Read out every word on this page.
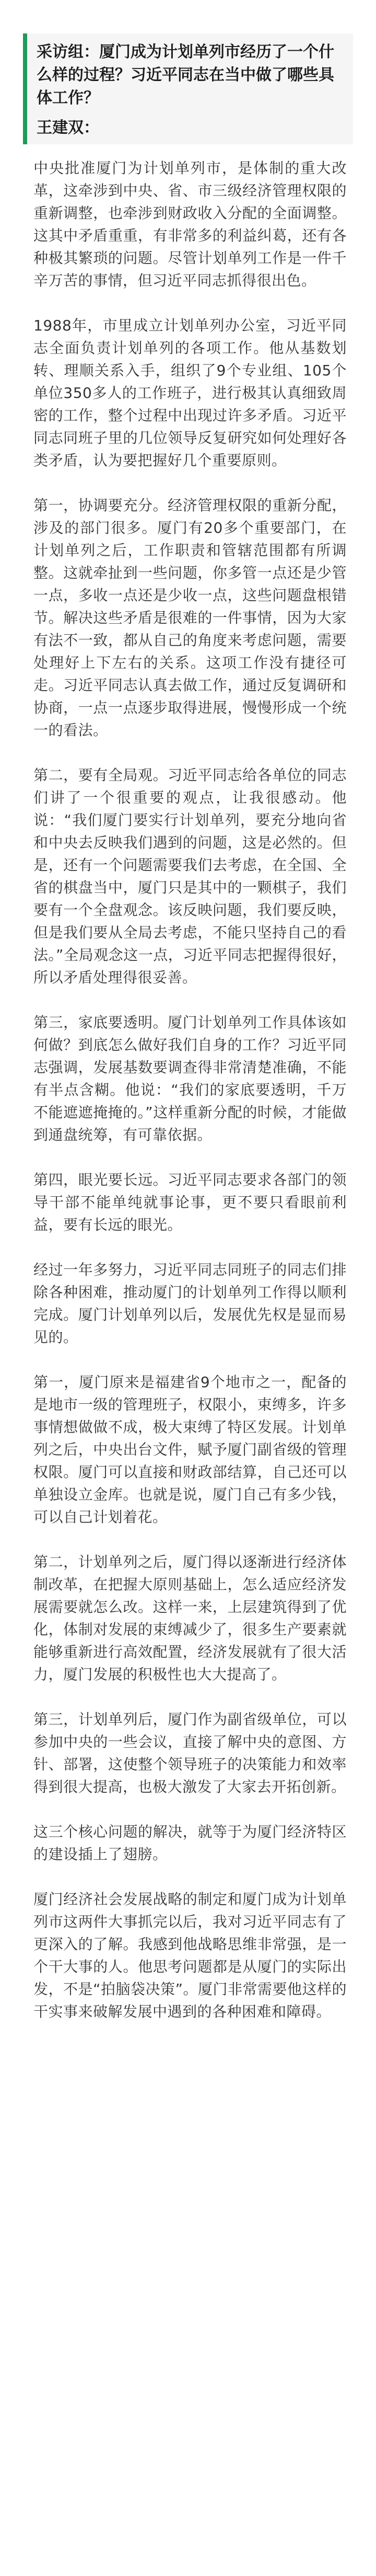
采访组：厦门成为计划单列市经历了一个什么样的过程？习近平同志在当中做了哪些具体工作？
王建双：

中央批准厦门为计划单列市，是体制的重大改革，这牵涉到中央、省、市三级经济管理权限的重新调整，也牵涉到财政收入分配的全面调整。这其中矛盾重重，有非常多的利益纠葛，还有各种极其繁琐的问题。尽管计划单列工作是一件千辛万苦的事情，但习近平同志抓得很出色。

1988年，市里成立计划单列办公室，习近平同志全面负责计划单列的各项工作。他从基数划转、理顺关系入手，组织了9个专业组、105个单位350多人的工作班子，进行极其认真细致周密的工作，整个过程中出现过许多矛盾。习近平同志同班子里的几位领导反复研究如何处理好各类矛盾，认为要把握好几个重要原则。

第一，协调要充分。经济管理权限的重新分配，涉及的部门很多。厦门有20多个重要部门，在计划单列之后，工作职责和管辖范围都有所调整。这就牵扯到一些问题，你多管一点还是少管一点，多收一点还是少收一点，这些问题盘根错节。解决这些矛盾是很难的一件事情，因为大家有法不一致，都从自己的角度来考虑问题，需要处理好上下左右的关系。这项工作没有捷径可走。习近平同志认真去做工作，通过反复调研和协商，一点一点逐步取得进展，慢慢形成一个统一的看法。

第二，要有全局观。习近平同志给各单位的同志们讲了一个很重要的观点，让我很感动。他说：“我们厦门要实行计划单列，要充分地向省和中央去反映我们遇到的问题，这是必然的。但是，还有一个问题需要我们去考虑，在全国、全省的棋盘当中，厦门只是其中的一颗棋子，我们要有一个全盘观念。该反映问题，我们要反映，但是我们要从全局去考虑，不能只坚持自己的看法。”全局观念这一点，习近平同志把握得很好，所以矛盾处理得很妥善。

第三，家底要透明。厦门计划单列工作具体该如何做？到底怎么做好我们自身的工作？习近平同志强调，发展基数要调查得非常清楚准确，不能有半点含糊。他说：“我们的家底要透明，千万不能遮遮掩掩的。”这样重新分配的时候，才能做到通盘统筹，有可靠依据。

第四，眼光要长远。习近平同志要求各部门的领导干部不能单纯就事论事，更不要只看眼前利益，要有长远的眼光。

经过一年多努力，习近平同志同班子的同志们排除各种困难，推动厦门的计划单列工作得以顺利完成。厦门计划单列以后，发展优先权是显而易见的。

第一，厦门原来是福建省9个地市之一，配备的是地市一级的管理班子，权限小，束缚多，许多事情想做做不成，极大束缚了特区发展。计划单列之后，中央出台文件，赋予厦门副省级的管理权限。厦门可以直接和财政部结算，自己还可以单独设立金库。也就是说，厦门自己有多少钱，可以自己计划着花。

第二，计划单列之后，厦门得以逐渐进行经济体制改革，在把握大原则基础上，怎么适应经济发展需要就怎么改。这样一来，上层建筑得到了优化，体制对发展的束缚减少了，很多生产要素就能够重新进行高效配置，经济发展就有了很大活力，厦门发展的积极性也大大提高了。

第三，计划单列后，厦门作为副省级单位，可以参加中央的一些会议，直接了解中央的意图、方针、部署，这使整个领导班子的决策能力和效率得到很大提高，也极大激发了大家去开拓创新。

这三个核心问题的解决，就等于为厦门经济特区的建设插上了翅膀。

厦门经济社会发展战略的制定和厦门成为计划单列市这两件大事抓完以后，我对习近平同志有了更深入的了解。我感到他战略思维非常强，是一个干大事的人。他思考问题都是从厦门的实际出发，不是“拍脑袋决策”。厦门非常需要他这样的干实事来破解发展中遇到的各种困难和障碍。
